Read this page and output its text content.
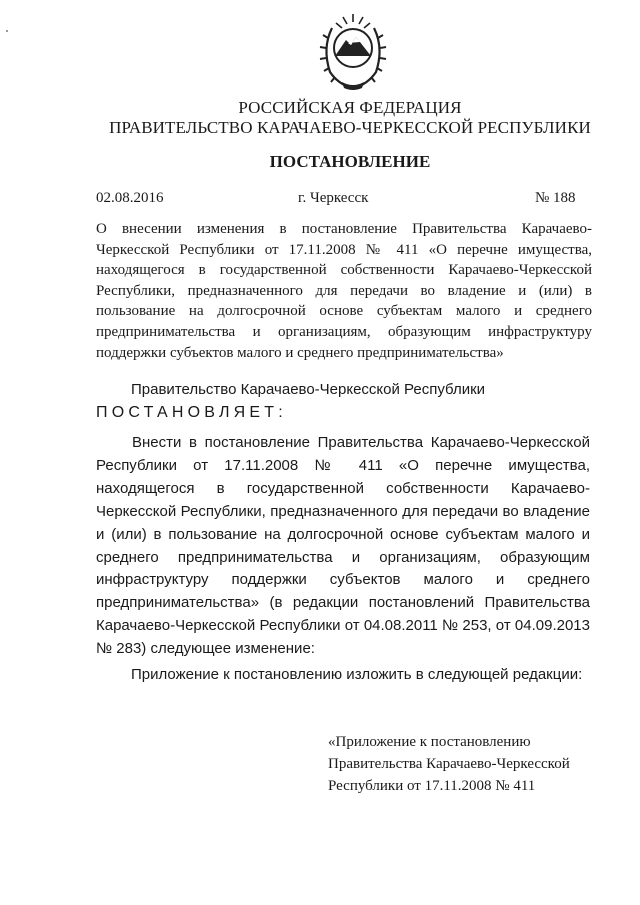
РОССИЙСКАЯ ФЕДЕРАЦИЯ
ПРАВИТЕЛЬСТВО КАРАЧАЕВО-ЧЕРКЕССКОЙ РЕСПУБЛИКИ
ПОСТАНОВЛЕНИЕ
02.08.2016	г. Черкесск	№ 188
О внесении изменения в постановление Правительства Карачаево-Черкесской Республики от 17.11.2008 № 411 «О перечне имущества, находящегося в государственной собственности Карачаево-Черкесской Республики, предназначенного для передачи во владение и (или) в пользование на долгосрочной основе субъектам малого и среднего предпринимательства и организациям, образующим инфраструктуру поддержки субъектов малого и среднего предпринимательства»
Правительство Карачаево-Черкесской Республики
ПОСТАНОВЛЯЕТ:
Внести в постановление Правительства Карачаево-Черкесской Республики от 17.11.2008 № 411 «О перечне имущества, находящегося в государственной собственности Карачаево-Черкесской Республики, предназначенного для передачи во владение и (или) в пользование на долгосрочной основе субъектам малого и среднего предпринимательства и организациям, образующим инфраструктуру поддержки субъектов малого и среднего предпринимательства» (в редакции постановлений Правительства Карачаево-Черкесской Республики от 04.08.2011 № 253, от 04.09.2013 № 283) следующее изменение:
Приложение к постановлению изложить в следующей редакции:
«Приложение к постановлению
Правительства Карачаево-Черкесской
Республики от 17.11.2008 № 411
